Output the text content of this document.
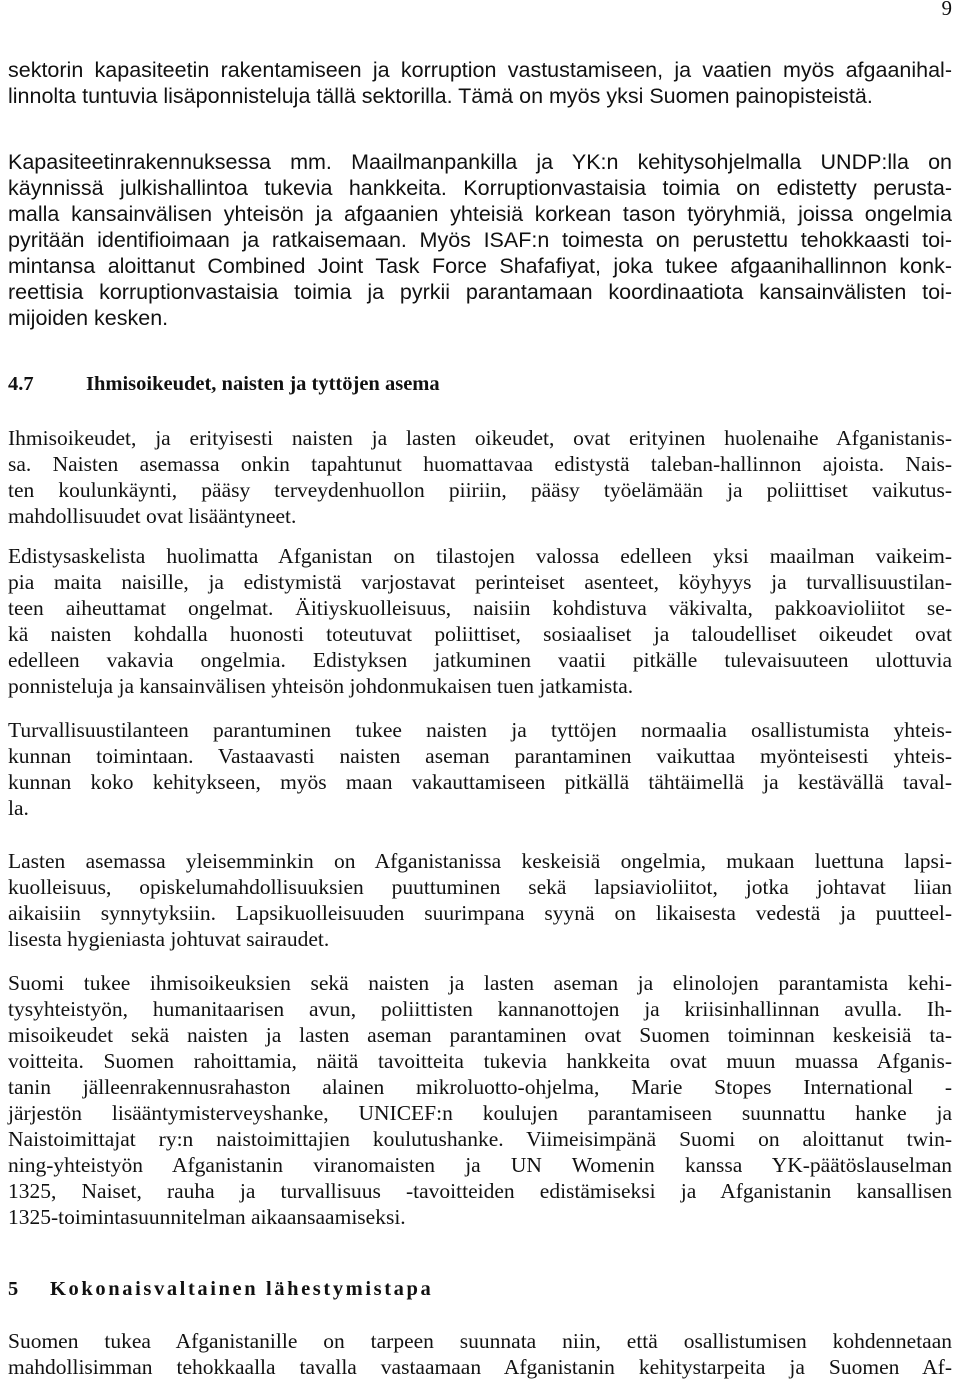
9
sektorin kapasiteetin rakentamiseen ja korruption vastustamiseen, ja vaatien myös afgaanihal-
linnolta tuntuvia lisäponnisteluja tällä sektorilla. Tämä on myös yksi Suomen painopisteistä.
Kapasiteetinrakennuksessa mm. Maailmanpankilla ja YK:n kehitysohjelmalla UNDP:lla on
käynnissä julkishallintoa tukevia hankkeita. Korruptionvastaisia toimia on edistetty perusta-
malla kansainvälisen yhteisön ja afgaanien yhteisiä korkean tason työryhmiä, joissa ongelmia
pyritään identifioimaan ja ratkaisemaan. Myös ISAF:n toimesta on perustettu tehokkaasti toi-
mintansa aloittanut Combined Joint Task Force Shafafiyat, joka tukee afgaanihallinnon konk-
reettisia korruptionvastaisia toimia ja pyrkii parantamaan koordinaatiota kansainvälisten toi-
mijoiden kesken.
4.7	Ihmisoikeudet, naisten ja tyttöjen asema
Ihmisoikeudet, ja erityisesti naisten ja lasten oikeudet, ovat erityinen huolenaihe Afganistanis-
sa. Naisten asemassa onkin tapahtunut huomattavaa edistystä taleban-hallinnon ajoista. Nais-
ten koulunkäynti, pääsy terveydenhuollon piiriin, pääsy työelämään ja poliittiset vaikutus-
mahdollisuudet ovat lisääntyneet.
Edistysaskelista huolimatta Afganistan on tilastojen valossa edelleen yksi maailman vaikeim-
pia maita naisille, ja edistymistä varjostavat perinteiset asenteet, köyhyys ja turvallisuustilan-
teen aiheuttamat ongelmat. Äitiyskuolleisuus, naisiin kohdistuva väkivalta, pakkoavioliitot se-
kä naisten kohdalla huonosti toteutuvat poliittiset, sosiaaliset ja taloudelliset oikeudet ovat
edelleen vakavia ongelmia. Edistyksen jatkuminen vaatii pitkälle tulevaisuuteen ulottuvia
ponnisteluja ja kansainvälisen yhteisön johdonmukaisen tuen jatkamista.
Turvallisuustilanteen parantuminen tukee naisten ja tyttöjen normaalia osallistumista yhteis-
kunnan toimintaan. Vastaavasti naisten aseman parantaminen vaikuttaa myönteisesti yhteis-
kunnan koko kehitykseen, myös maan vakauttamiseen pitkällä tähtäimellä ja kestävällä taval-
la.
Lasten asemassa yleisemminkin on Afganistanissa keskeisiä ongelmia, mukaan luettuna lapsi-
kuolleisuus, opiskelumahdollisuuksien puuttuminen sekä lapsiavioliitot, jotka johtavat liian
aikaisiin synnytyksiin. Lapsikuolleisuuden suurimpana syynä on likaisesta vedestä ja puutteel-
lisesta hygieniasta johtuvat sairaudet.
Suomi tukee ihmisoikeuksien sekä naisten ja lasten aseman ja elinolojen parantamista kehi-
tysyhteistyön, humanitaarisen avun, poliittisten kannanottojen ja kriisinhallinnan avulla. Ih-
misoikeudet sekä naisten ja lasten aseman parantaminen ovat Suomen toiminnan keskeisiä ta-
voitteita. Suomen rahoittamia, näitä tavoitteita tukevia hankkeita ovat muun muassa Afganis-
tanin jälleenrakennusrahaston alainen mikroluotto-ohjelma, Marie Stopes International -
järjestön lisääntymisterveyshanke, UNICEF:n koulujen parantamiseen suunnattu hanke ja
Naistoimittajat ry:n naistoimittajien koulutushanke. Viimeisimpänä Suomi on aloittanut twin-
ning-yhteistyön Afganistanin viranomaisten ja UN Womenin kanssa YK-päätöslauselman
1325, Naiset, rauha ja turvallisuus -tavoitteiden edistämiseksi ja Afganistanin kansallisen
1325-toimintasuunnitelman aikaansaamiseksi.
5 Kokonaisvaltainen lähestymistapa
Suomen tukea Afganistanille on tarpeen suunnata niin, että osallistumisen kohdennetaan
mahdollisimman tehokkaalla tavalla vastaamaan Afganistanin kehitystarpeita ja Suomen Af-
